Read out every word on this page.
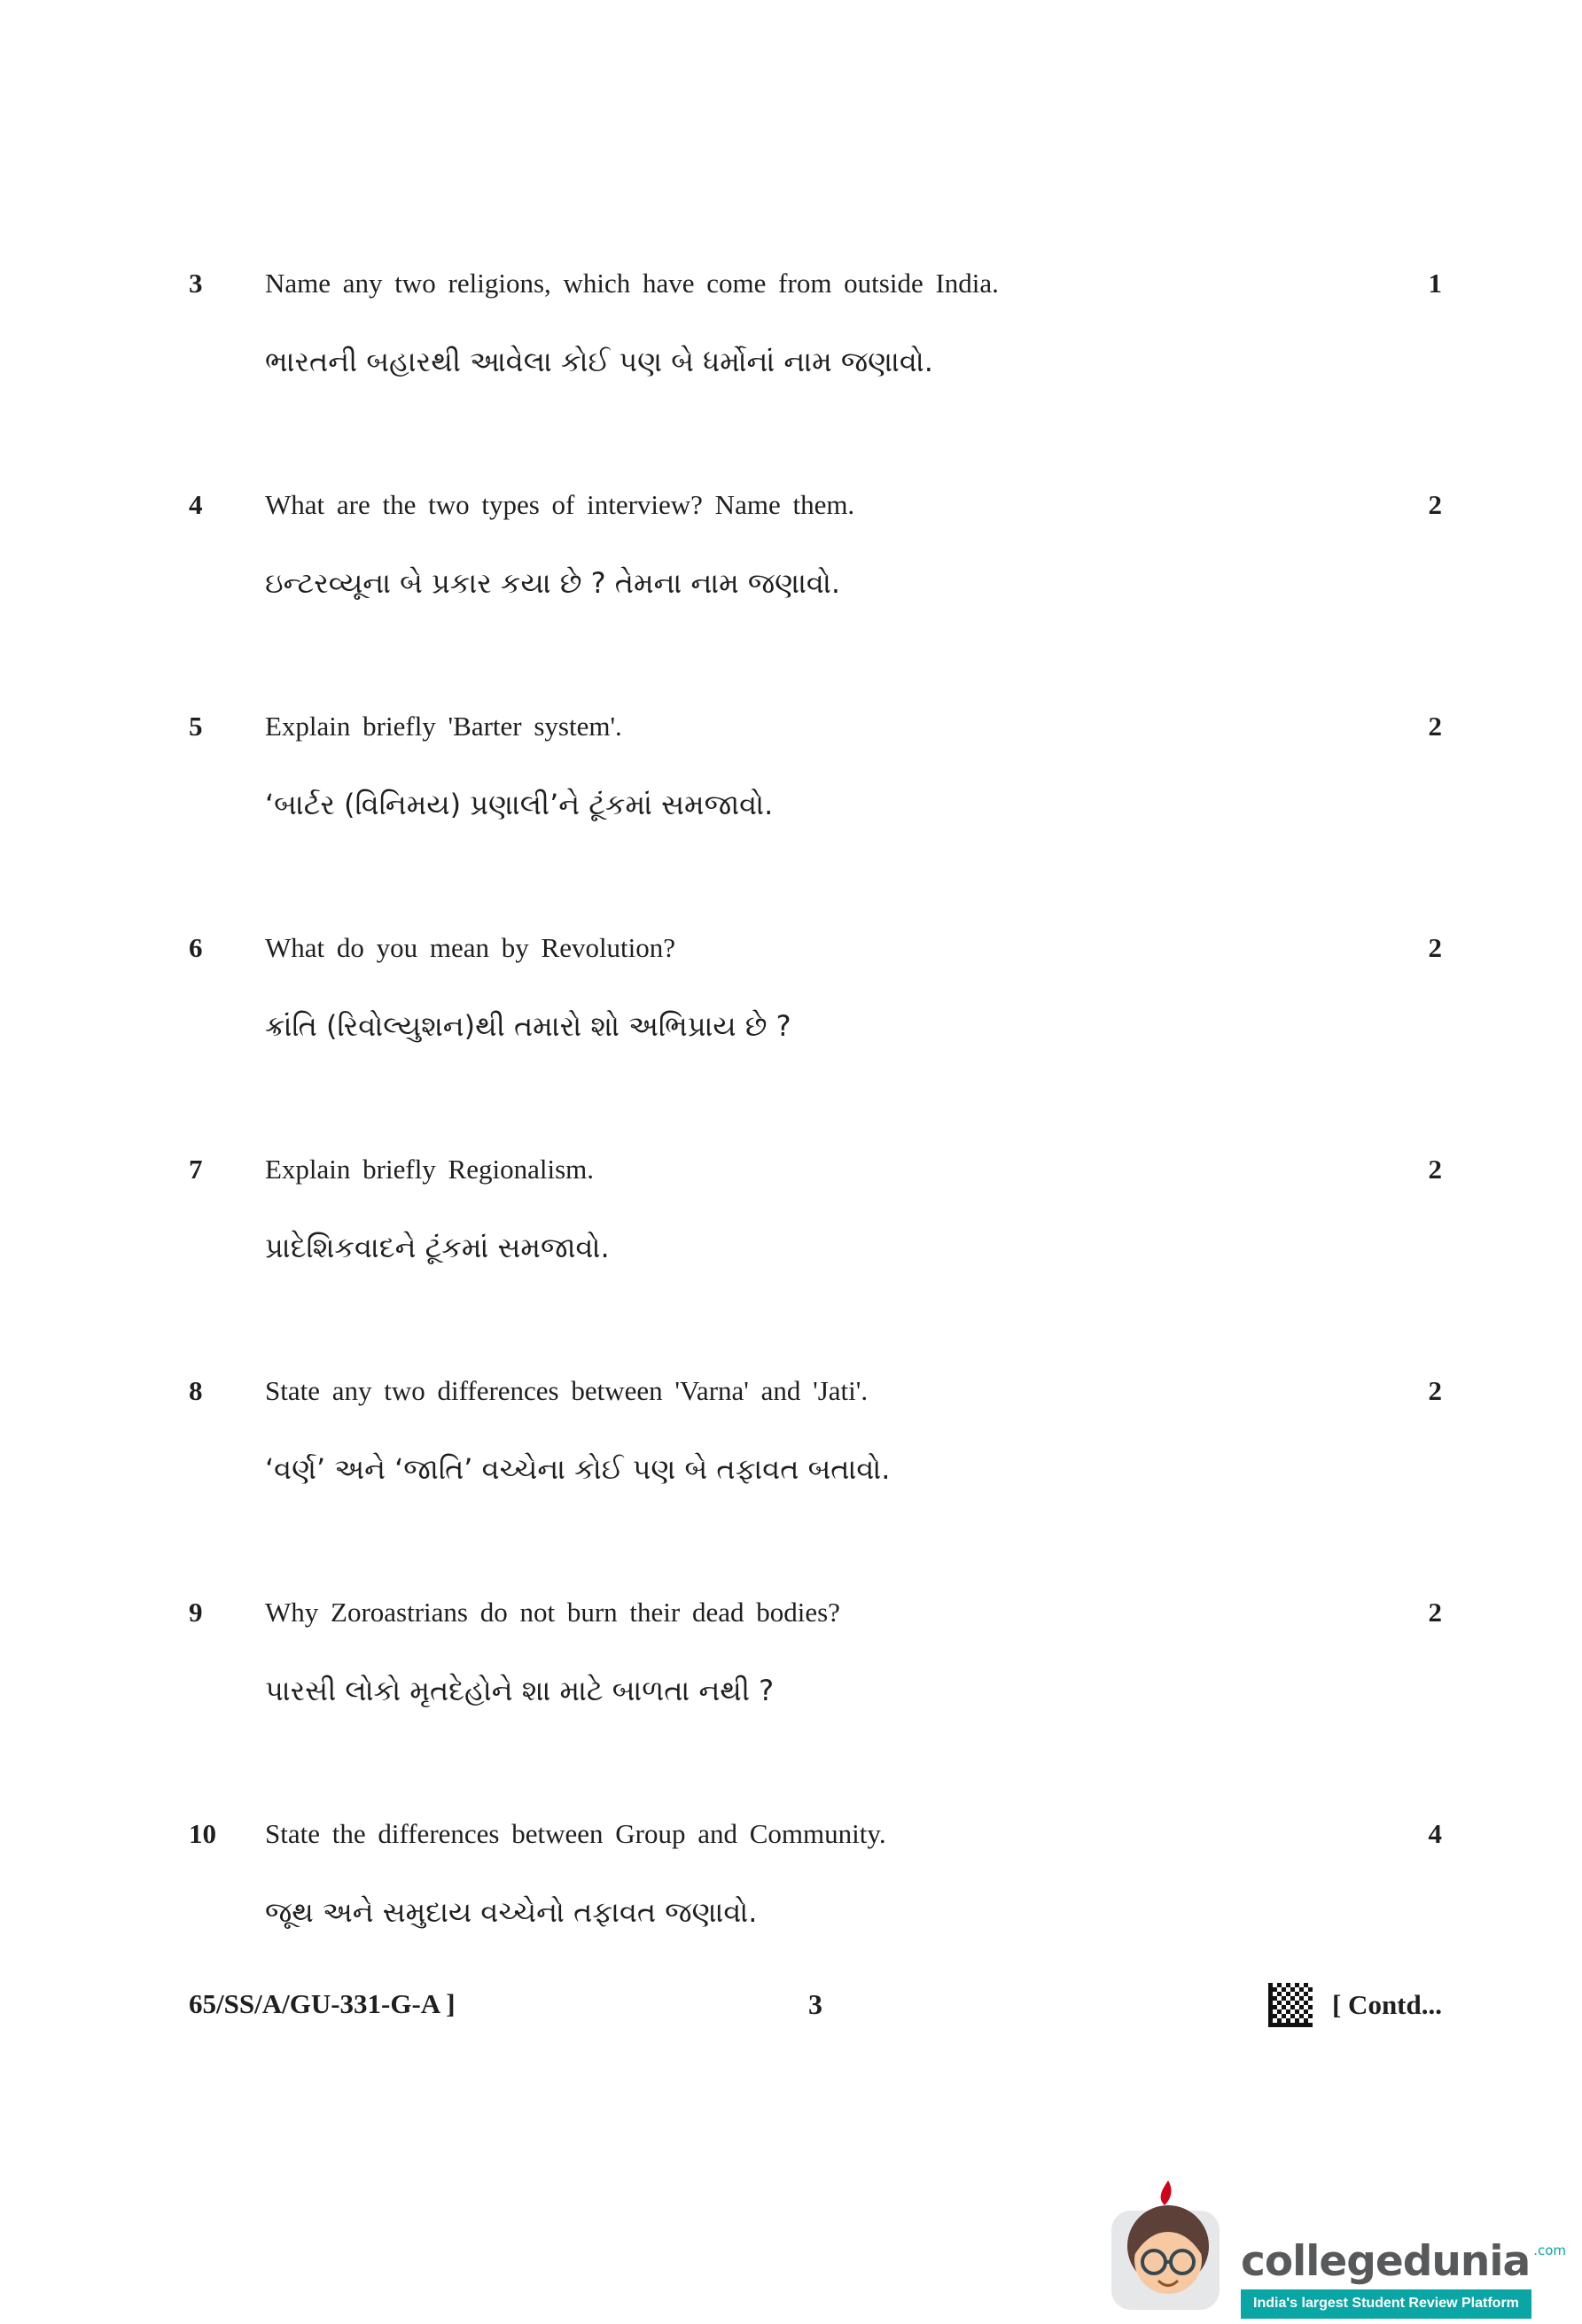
3	Name any two religions, which have come from outside India.
ભારતની બહારથી આવેલા કોઈ પણ બે ધર્મોનાં નામ જણાવો.
1
4	What are the two types of interview? Name them.
ઇન્ટરવ્યૂના બે પ્રકાર કયા છે ? તેમના નામ જણાવો.
2
5	Explain briefly 'Barter system'.
‘બાર્ટર (વિનિમય) પ્રણાલી’ને ટૂંકમાં સમજાવો.
2
6	What do you mean by Revolution?
ક્રાંતિ (રિવોલ્યુશન)થી તમારો શો અભિપ્રાય છે ?
2
7	Explain briefly Regionalism.
પ્રાદેશિકવાદને ટૂંકમાં સમજાવો.
2
8	State any two differences between 'Varna' and 'Jati'.
‘વર્ણ’ અને ‘જાતિ’ વચ્ચેના કોઈ પણ બે તફાવત બતાવો.
2
9	Why Zoroastrians do not burn their dead bodies?
પારસી લોકો મૃતદેહોને શા માટે બાળતા નથી ?
2
10	State the differences between Group and Community.
જૂથ અને સમુદાય વચ્ચેનો તફાવત જણાવો.
4
3
65/SS/A/GU-331-G-A ]	[ Contd...
collegedunia .com
India's largest Student Review Platform
